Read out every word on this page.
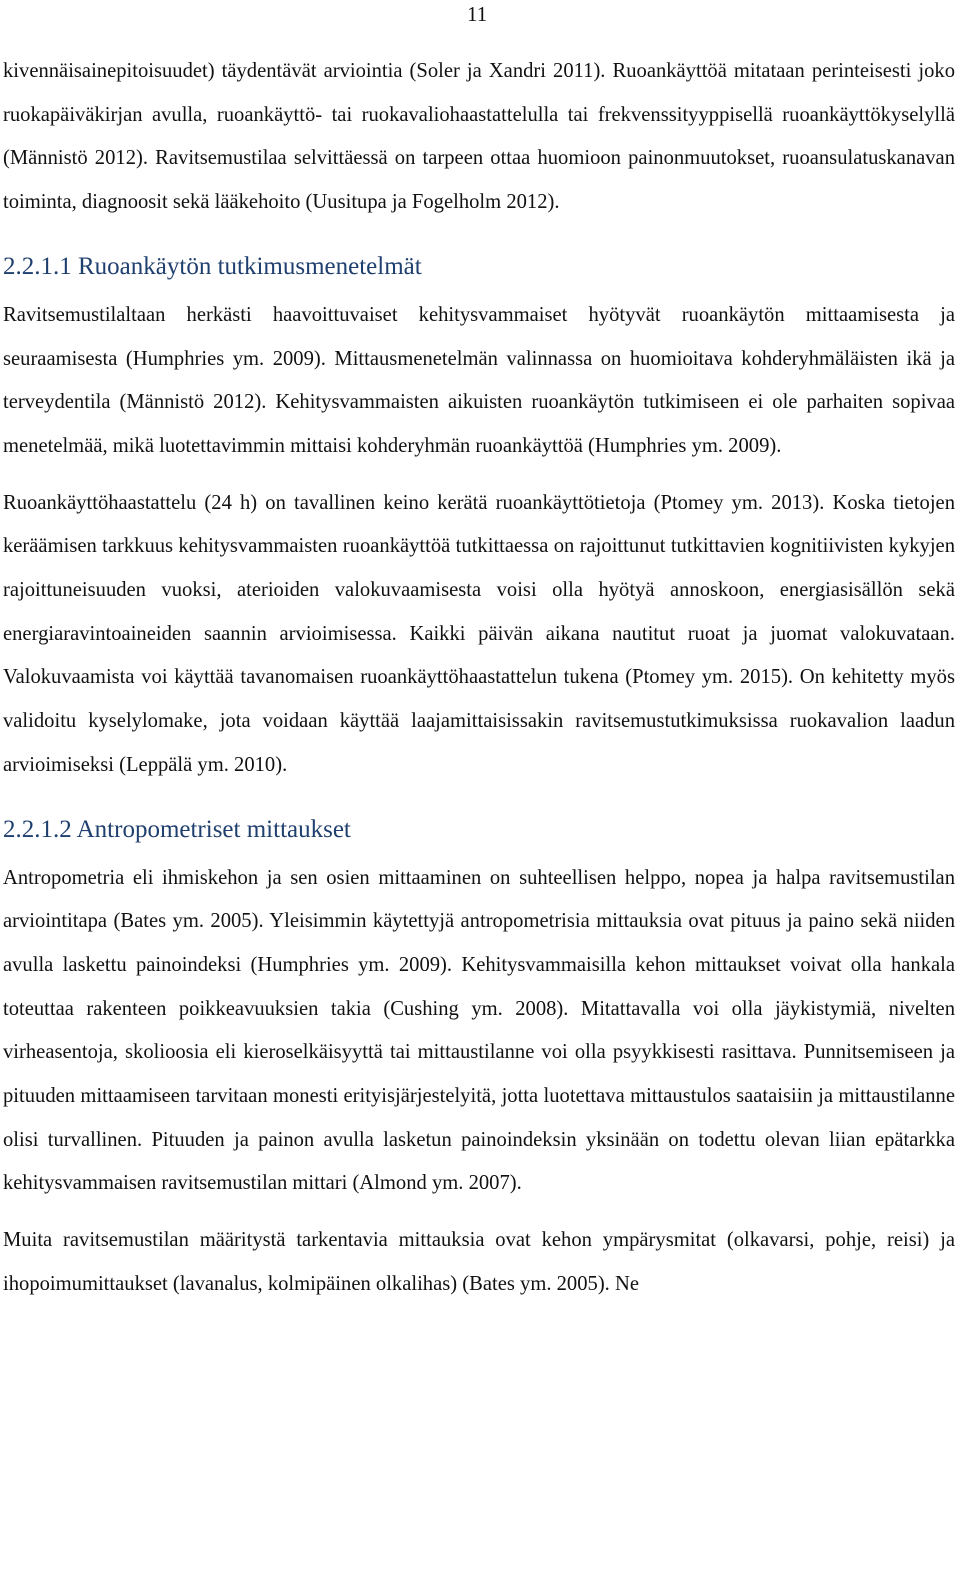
11

kivennäisainepitoisuudet) täydentävät arviointia (Soler ja Xandri 2011). Ruoankäyttöä mitataan perinteisesti joko ruokapäiväkirjan avulla, ruoankäyttö- tai ruokavaliohaastattelulla tai frekvenssityyppisellä ruoankäyttökyselyllä (Männistö 2012). Ravitsemustilaa selvittäessä on tarpeen ottaa huomioon painonmuutokset, ruoansulatuskanavan toiminta, diagnoosit sekä lääkehoito (Uusitupa ja Fogelholm 2012).

2.2.1.1 Ruoankäytön tutkimusmenetelmät

Ravitsemustilaltaan herkästi haavoittuvaiset kehitysvammaiset hyötyvät ruoankäytön mittaamisesta ja seuraamisesta (Humphries ym. 2009). Mittausmenetelmän valinnassa on huomioitava kohderyhmäläisten ikä ja terveydentila (Männistö 2012). Kehitysvammaisten aikuisten ruoankäytön tutkimiseen ei ole parhaiten sopivaa menetelmää, mikä luotettavimmin mittaisi kohderyhmän ruoankäyttöä (Humphries ym. 2009).

Ruoankäyttöhaastattelu (24 h) on tavallinen keino kerätä ruoankäyttötietoja (Ptomey ym. 2013). Koska tietojen keräämisen tarkkuus kehitysvammaisten ruoankäyttöä tutkittaessa on rajoittunut tutkittavien kognitiivisten kykyjen rajoittuneisuuden vuoksi, aterioiden valokuvaamisesta voisi olla hyötyä annoskoon, energiasisällön sekä energiaravintoaineiden saannin arvioimisessa. Kaikki päivän aikana nautitut ruoat ja juomat valokuvataan. Valokuvaamista voi käyttää tavanomaisen ruoankäyttöhaastattelun tukena (Ptomey ym. 2015). On kehitetty myös validoitu kyselylomake, jota voidaan käyttää laajamittaisissakin ravitsemustutkimuksissa ruokavalion laadun arvioimiseksi (Leppälä ym. 2010).

2.2.1.2 Antropometriset mittaukset

Antropometria eli ihmiskehon ja sen osien mittaaminen on suhteellisen helppo, nopea ja halpa ravitsemustilan arviointitapa (Bates ym. 2005). Yleisimmin käytettyjä antropometrisia mittauksia ovat pituus ja paino sekä niiden avulla laskettu painoindeksi (Humphries ym. 2009). Kehitysvammaisilla kehon mittaukset voivat olla hankala toteuttaa rakenteen poikkeavuuksien takia (Cushing ym. 2008). Mitattavalla voi olla jäykistymiä, nivelten virheasentoja, skolioosia eli kieroselkäisyyttä tai mittaustilanne voi olla psyykkisesti rasittava. Punnitsemiseen ja pituuden mittaamiseen tarvitaan monesti erityisjärjestelyitä, jotta luotettava mittaustulos saataisiin ja mittaustilanne olisi turvallinen. Pituuden ja painon avulla lasketun painoindeksin yksinään on todettu olevan liian epätarkka kehitysvammaisen ravitsemustilan mittari (Almond ym. 2007).

Muita ravitsemustilan määritystä tarkentavia mittauksia ovat kehon ympärysmitat (olkavarsi, pohje, reisi) ja ihopoimumittaukset (lavanalus, kolmipäinen olkalihas) (Bates ym. 2005). Ne
